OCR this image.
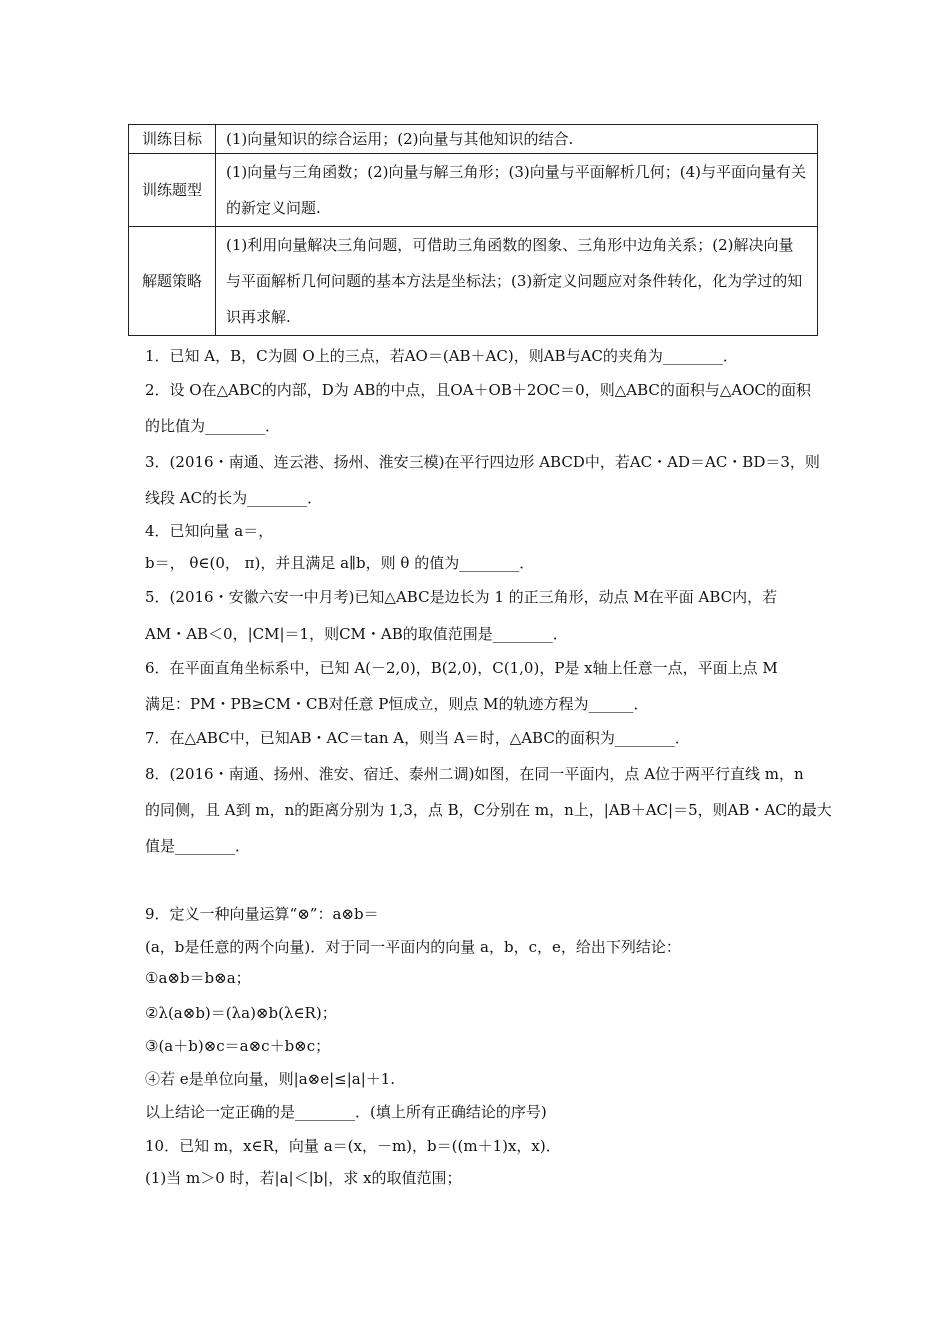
训练目标	(1)向量知识的综合运用；(2)向量与其他知识的结合.
训练题型	(1)向量与三角函数；(2)向量与解三角形；(3)向量与平面解析几何；(4)与平面向量有关的新定义问题.
解题策略	(1)利用向量解决三角问题，可借助三角函数的图象、三角形中边角关系；(2)解决向量与平面解析几何问题的基本方法是坐标法；(3)新定义问题应对条件转化，化为学过的知识再求解.
1．已知 A，B，C为圆 O上的三点，若AO＝(AB＋AC)，则AB与AC的夹角为________．
2．设 O在△ABC的内部，D为 AB的中点，且OA＋OB＋2OC＝0，则△ABC的面积与△AOC的面积
的比值为________．
3．(2016・南通、连云港、扬州、淮安三模)在平行四边形 ABCD中，若AC・AD＝AC・BD＝3，则
线段 AC的长为________．
4．已知向量 a＝，
b＝， θ∈(0， π)，并且满足 a∥b，则 θ 的值为________．
5．(2016・安徽六安一中月考)已知△ABC是边长为 1 的正三角形，动点 M在平面 ABC内，若
AM・AB＜0，|CM|＝1，则CM・AB的取值范围是________．
6．在平面直角坐标系中，已知 A(－2,0)，B(2,0)，C(1,0)，P是 x轴上任意一点，平面上点 M
满足：PM・PB≥CM・CB对任意 P恒成立，则点 M的轨迹方程为______．
7．在△ABC中，已知AB・AC＝tan A，则当 A＝时，△ABC的面积为________．
8．(2016・南通、扬州、淮安、宿迁、泰州二调)如图，在同一平面内，点 A位于两平行直线 m，n
的同侧，且 A到 m，n的距离分别为 1,3，点 B，C分别在 m，n上，|AB＋AC|＝5，则AB・AC的最大
值是________．
9．定义一种向量运算“⊗”：a⊗b＝
(a，b是任意的两个向量)．对于同一平面内的向量 a，b，c，e，给出下列结论：
①a⊗b＝b⊗a；
②λ(a⊗b)＝(λa)⊗b(λ∈R)；
③(a＋b)⊗c＝a⊗c＋b⊗c；
④若 e是单位向量，则|a⊗e|≤|a|＋1.
以上结论一定正确的是________．(填上所有正确结论的序号)
10．已知 m，x∈R，向量 a＝(x，－m)，b＝((m＋1)x，x)．
(1)当 m＞0 时，若|a|＜|b|，求 x的取值范围；
